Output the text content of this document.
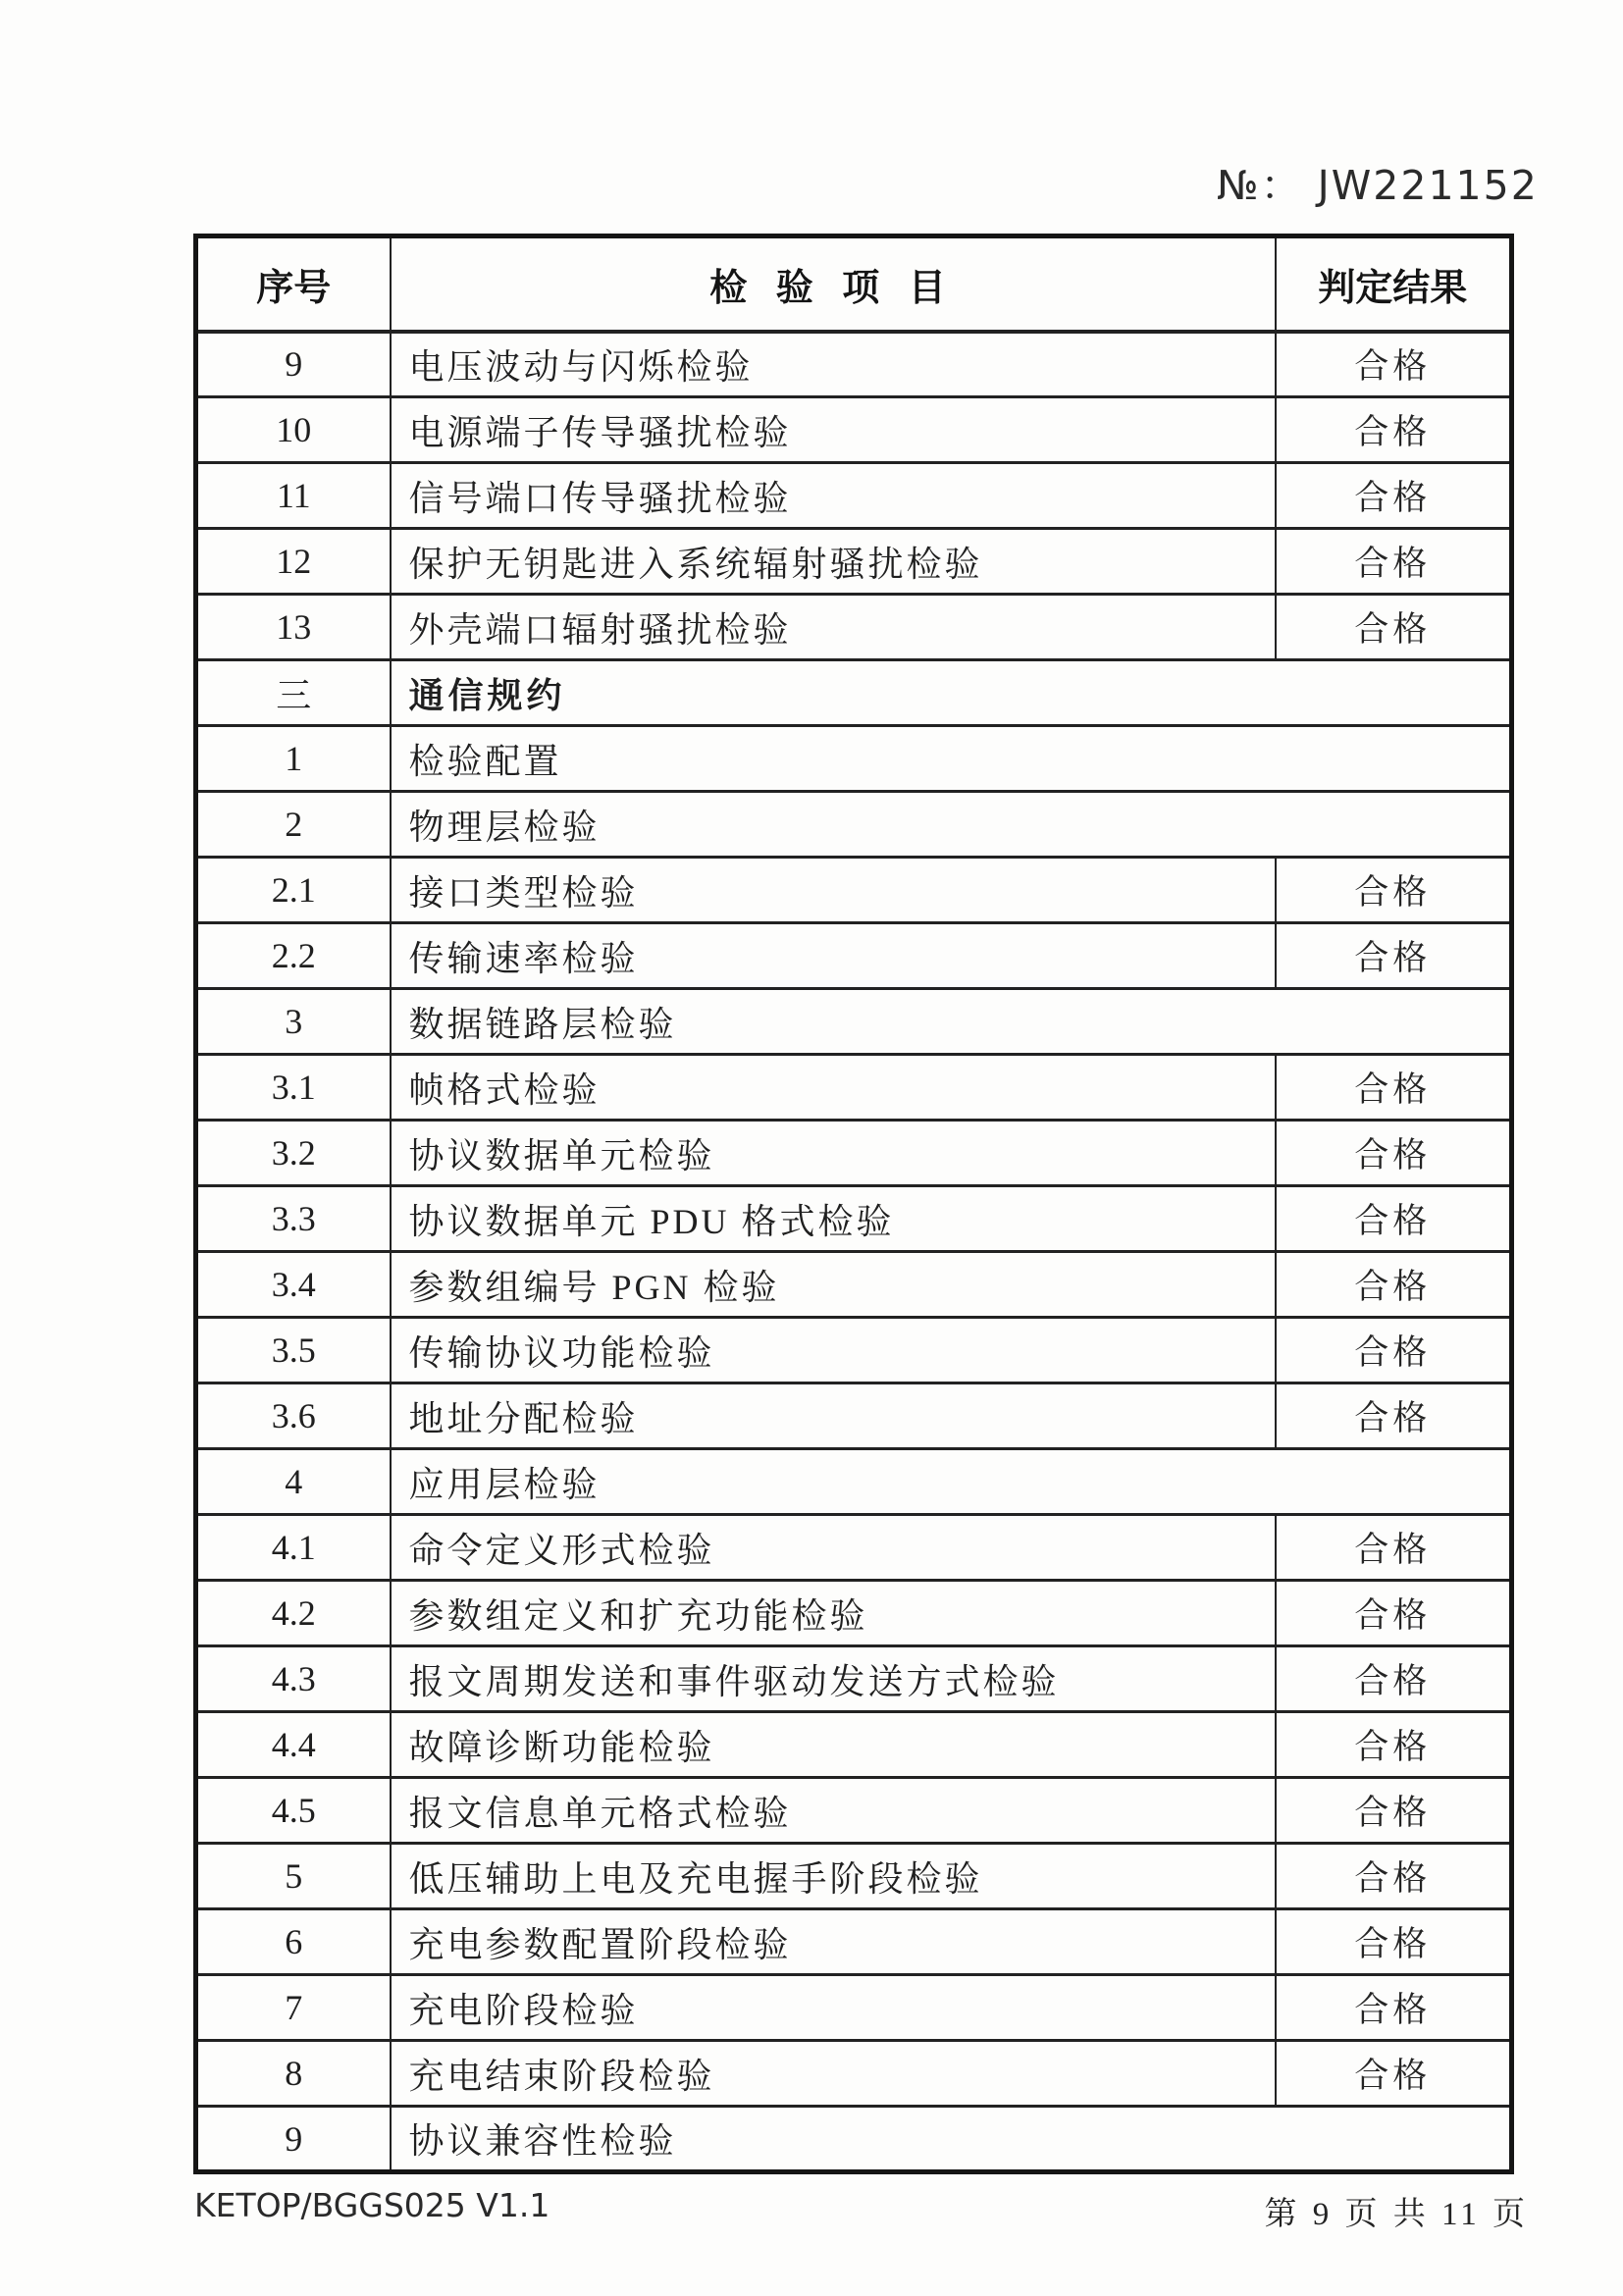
№： JW221152
序号	检 验 项 目	判定结果
9	电压波动与闪烁检验	合格
10	电源端子传导骚扰检验	合格
11	信号端口传导骚扰检验	合格
12	保护无钥匙进入系统辐射骚扰检验	合格
13	外壳端口辐射骚扰检验	合格
三	通信规约	
1	检验配置	
2	物理层检验	
2.1	接口类型检验	合格
2.2	传输速率检验	合格
3	数据链路层检验	
3.1	帧格式检验	合格
3.2	协议数据单元检验	合格
3.3	协议数据单元 PDU 格式检验	合格
3.4	参数组编号 PGN 检验	合格
3.5	传输协议功能检验	合格
3.6	地址分配检验	合格
4	应用层检验	
4.1	命令定义形式检验	合格
4.2	参数组定义和扩充功能检验	合格
4.3	报文周期发送和事件驱动发送方式检验	合格
4.4	故障诊断功能检验	合格
4.5	报文信息单元格式检验	合格
5	低压辅助上电及充电握手阶段检验	合格
6	充电参数配置阶段检验	合格
7	充电阶段检验	合格
8	充电结束阶段检验	合格
9	协议兼容性检验	
KETOP/BGGS025 V1.1	第 9 页 共 11 页
